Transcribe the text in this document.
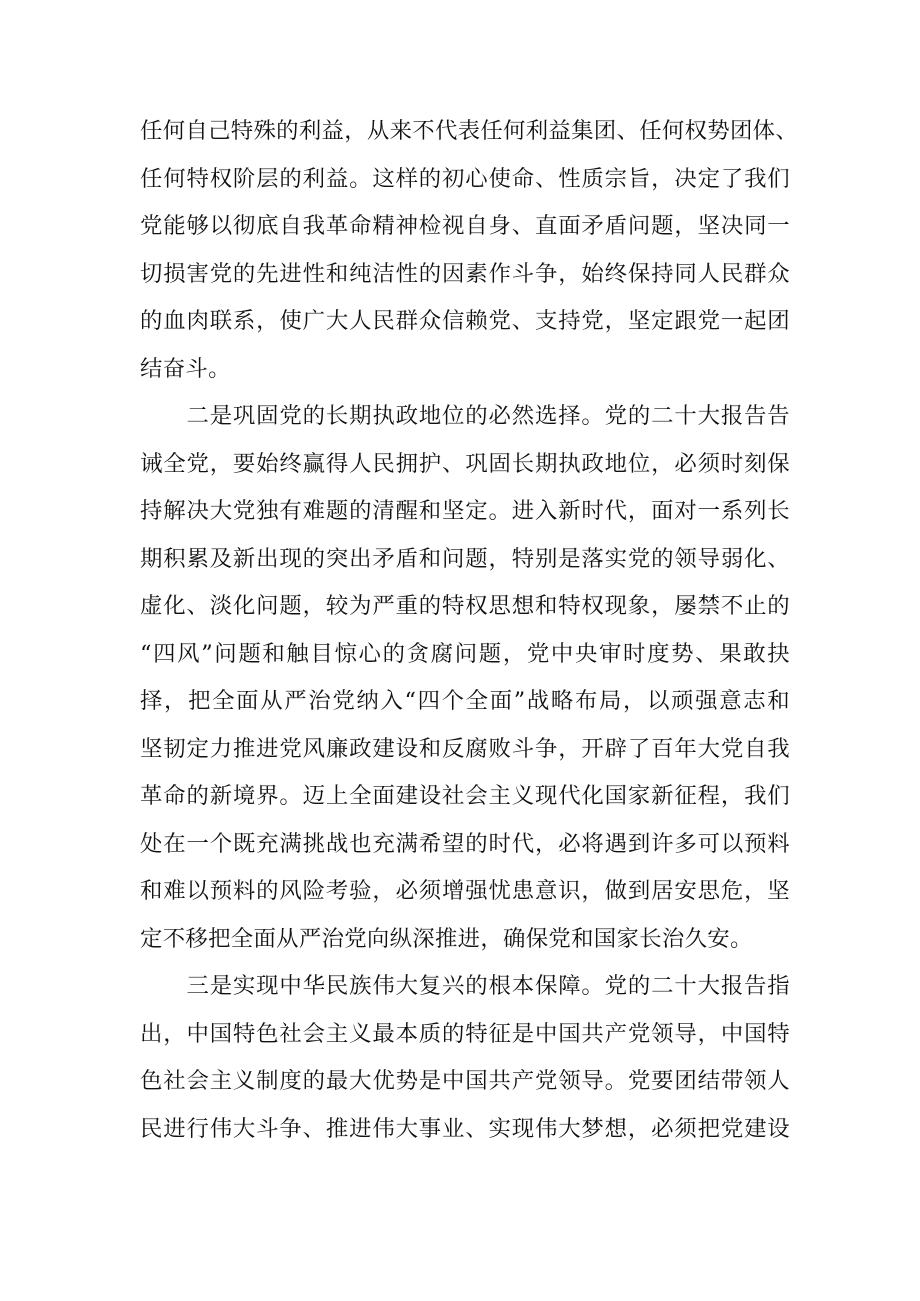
任何自己特殊的利益，从来不代表任何利益集团、任何权势团体、
任何特权阶层的利益。这样的初心使命、性质宗旨，决定了我们
党能够以彻底自我革命精神检视自身、直面矛盾问题，坚决同一
切损害党的先进性和纯洁性的因素作斗争，始终保持同人民群众
的血肉联系，使广大人民群众信赖党、支持党，坚定跟党一起团
结奋斗。
　　二是巩固党的长期执政地位的必然选择。党的二十大报告告
诫全党，要始终赢得人民拥护、巩固长期执政地位，必须时刻保
持解决大党独有难题的清醒和坚定。进入新时代，面对一系列长
期积累及新出现的突出矛盾和问题，特别是落实党的领导弱化、
虚化、淡化问题，较为严重的特权思想和特权现象，屡禁不止的
“四风”问题和触目惊心的贪腐问题，党中央审时度势、果敢抉
择，把全面从严治党纳入“四个全面”战略布局，以顽强意志和
坚韧定力推进党风廉政建设和反腐败斗争，开辟了百年大党自我
革命的新境界。迈上全面建设社会主义现代化国家新征程，我们
处在一个既充满挑战也充满希望的时代，必将遇到许多可以预料
和难以预料的风险考验，必须增强忧患意识，做到居安思危，坚
定不移把全面从严治党向纵深推进，确保党和国家长治久安。
　　三是实现中华民族伟大复兴的根本保障。党的二十大报告指
出，中国特色社会主义最本质的特征是中国共产党领导，中国特
色社会主义制度的最大优势是中国共产党领导。党要团结带领人
民进行伟大斗争、推进伟大事业、实现伟大梦想，必须把党建设
